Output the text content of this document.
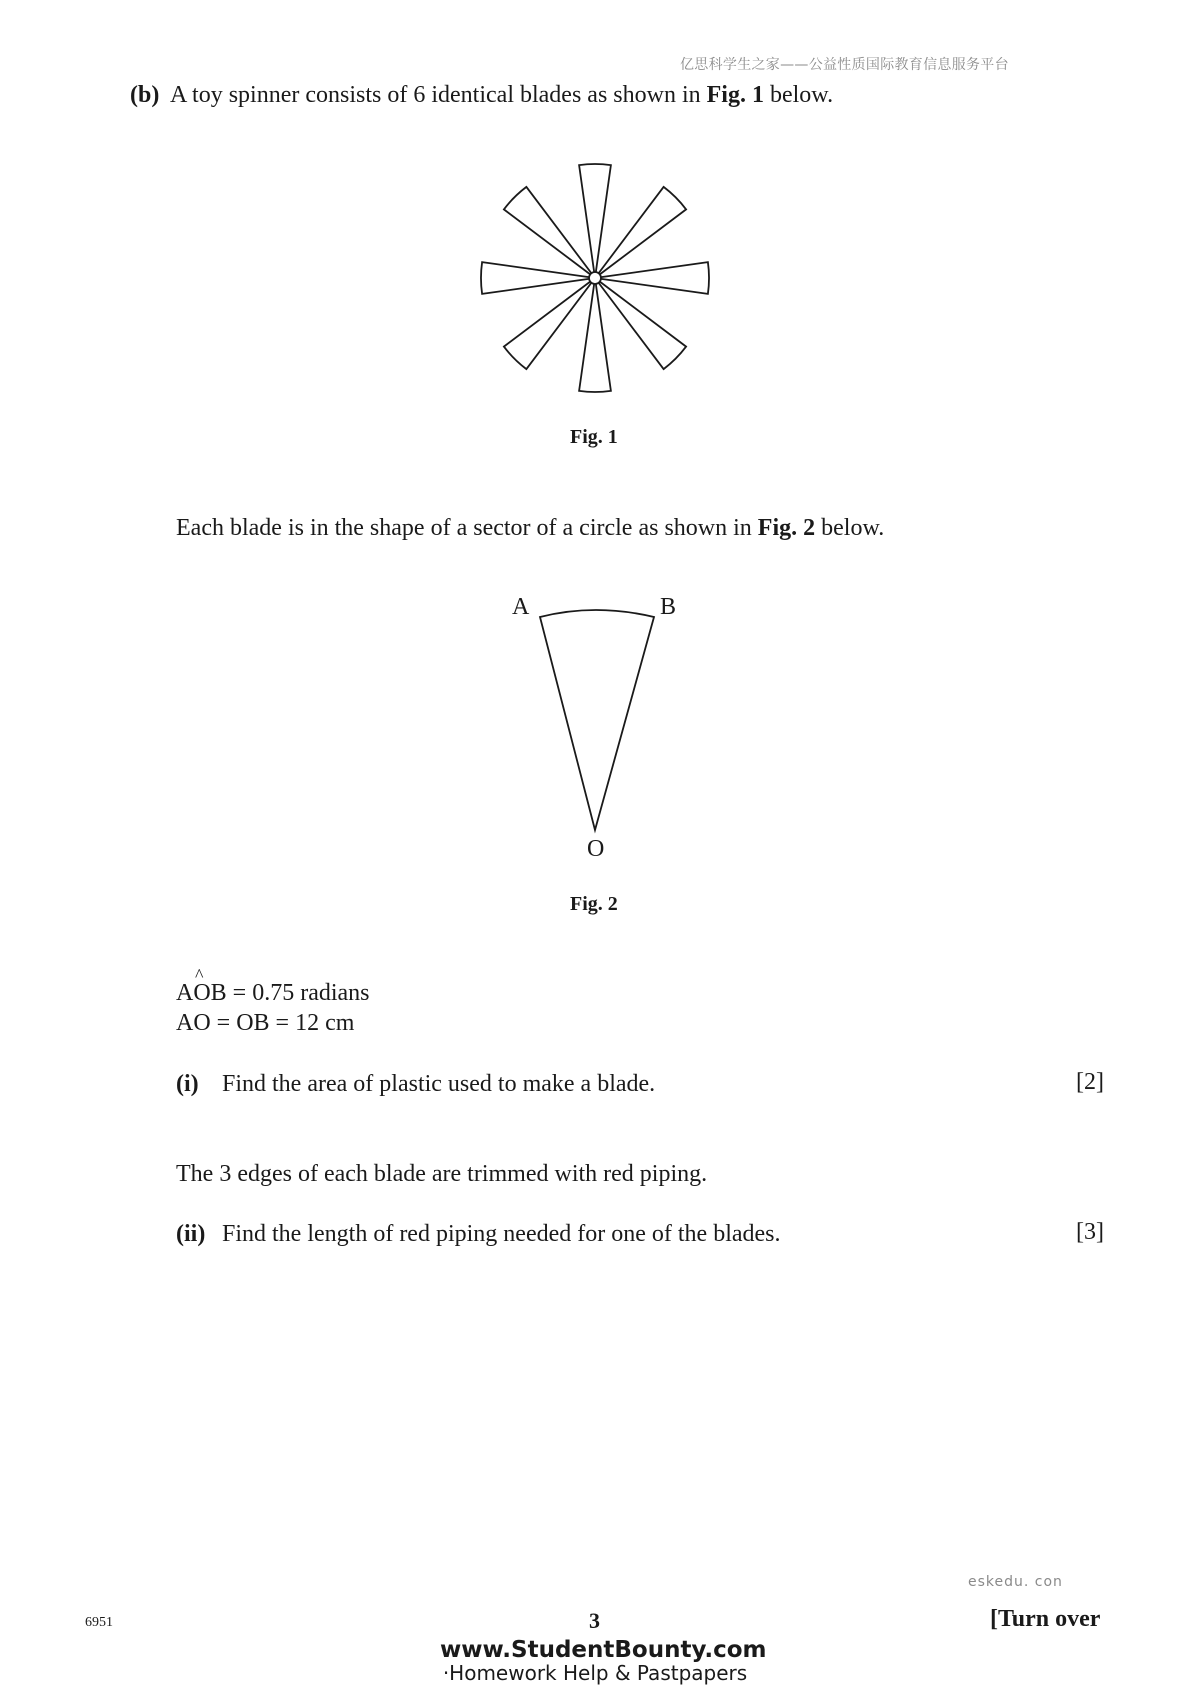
亿思科学生之家——公益性质国际教育信息服务平台
(b) A toy spinner consists of 6 identical blades as shown in Fig. 1 below.
Fig. 1
Each blade is in the shape of a sector of a circle as shown in Fig. 2 below.
A	B
O
Fig. 2
^
AOB = 0.75 radians
AO = OB = 12 cm
(i) Find the area of plastic used to make a blade.	[2]
The 3 edges of each blade are trimmed with red piping.
(ii) Find the length of red piping needed for one of the blades.	[3]
eskedu. con
6951	3	[Turn over
www.StudentBounty.com
·Homework Help & Pastpapers
